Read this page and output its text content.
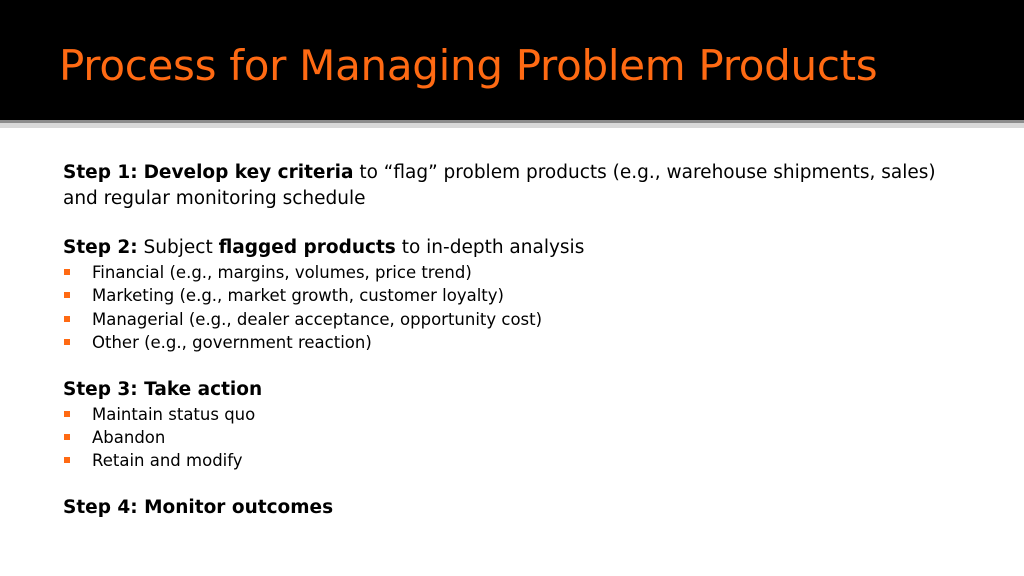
Process for Managing Problem Products

Step 1: Develop key criteria to “flag” problem products (e.g., warehouse shipments, sales) and regular monitoring schedule

Step 2: Subject flagged products to in-depth analysis

Financial (e.g., margins, volumes, price trend)
Marketing (e.g., market growth, customer loyalty)
Managerial (e.g., dealer acceptance, opportunity cost)
Other (e.g., government reaction)

Step 3: Take action

Maintain status quo
Abandon
Retain and modify

Step 4: Monitor outcomes
